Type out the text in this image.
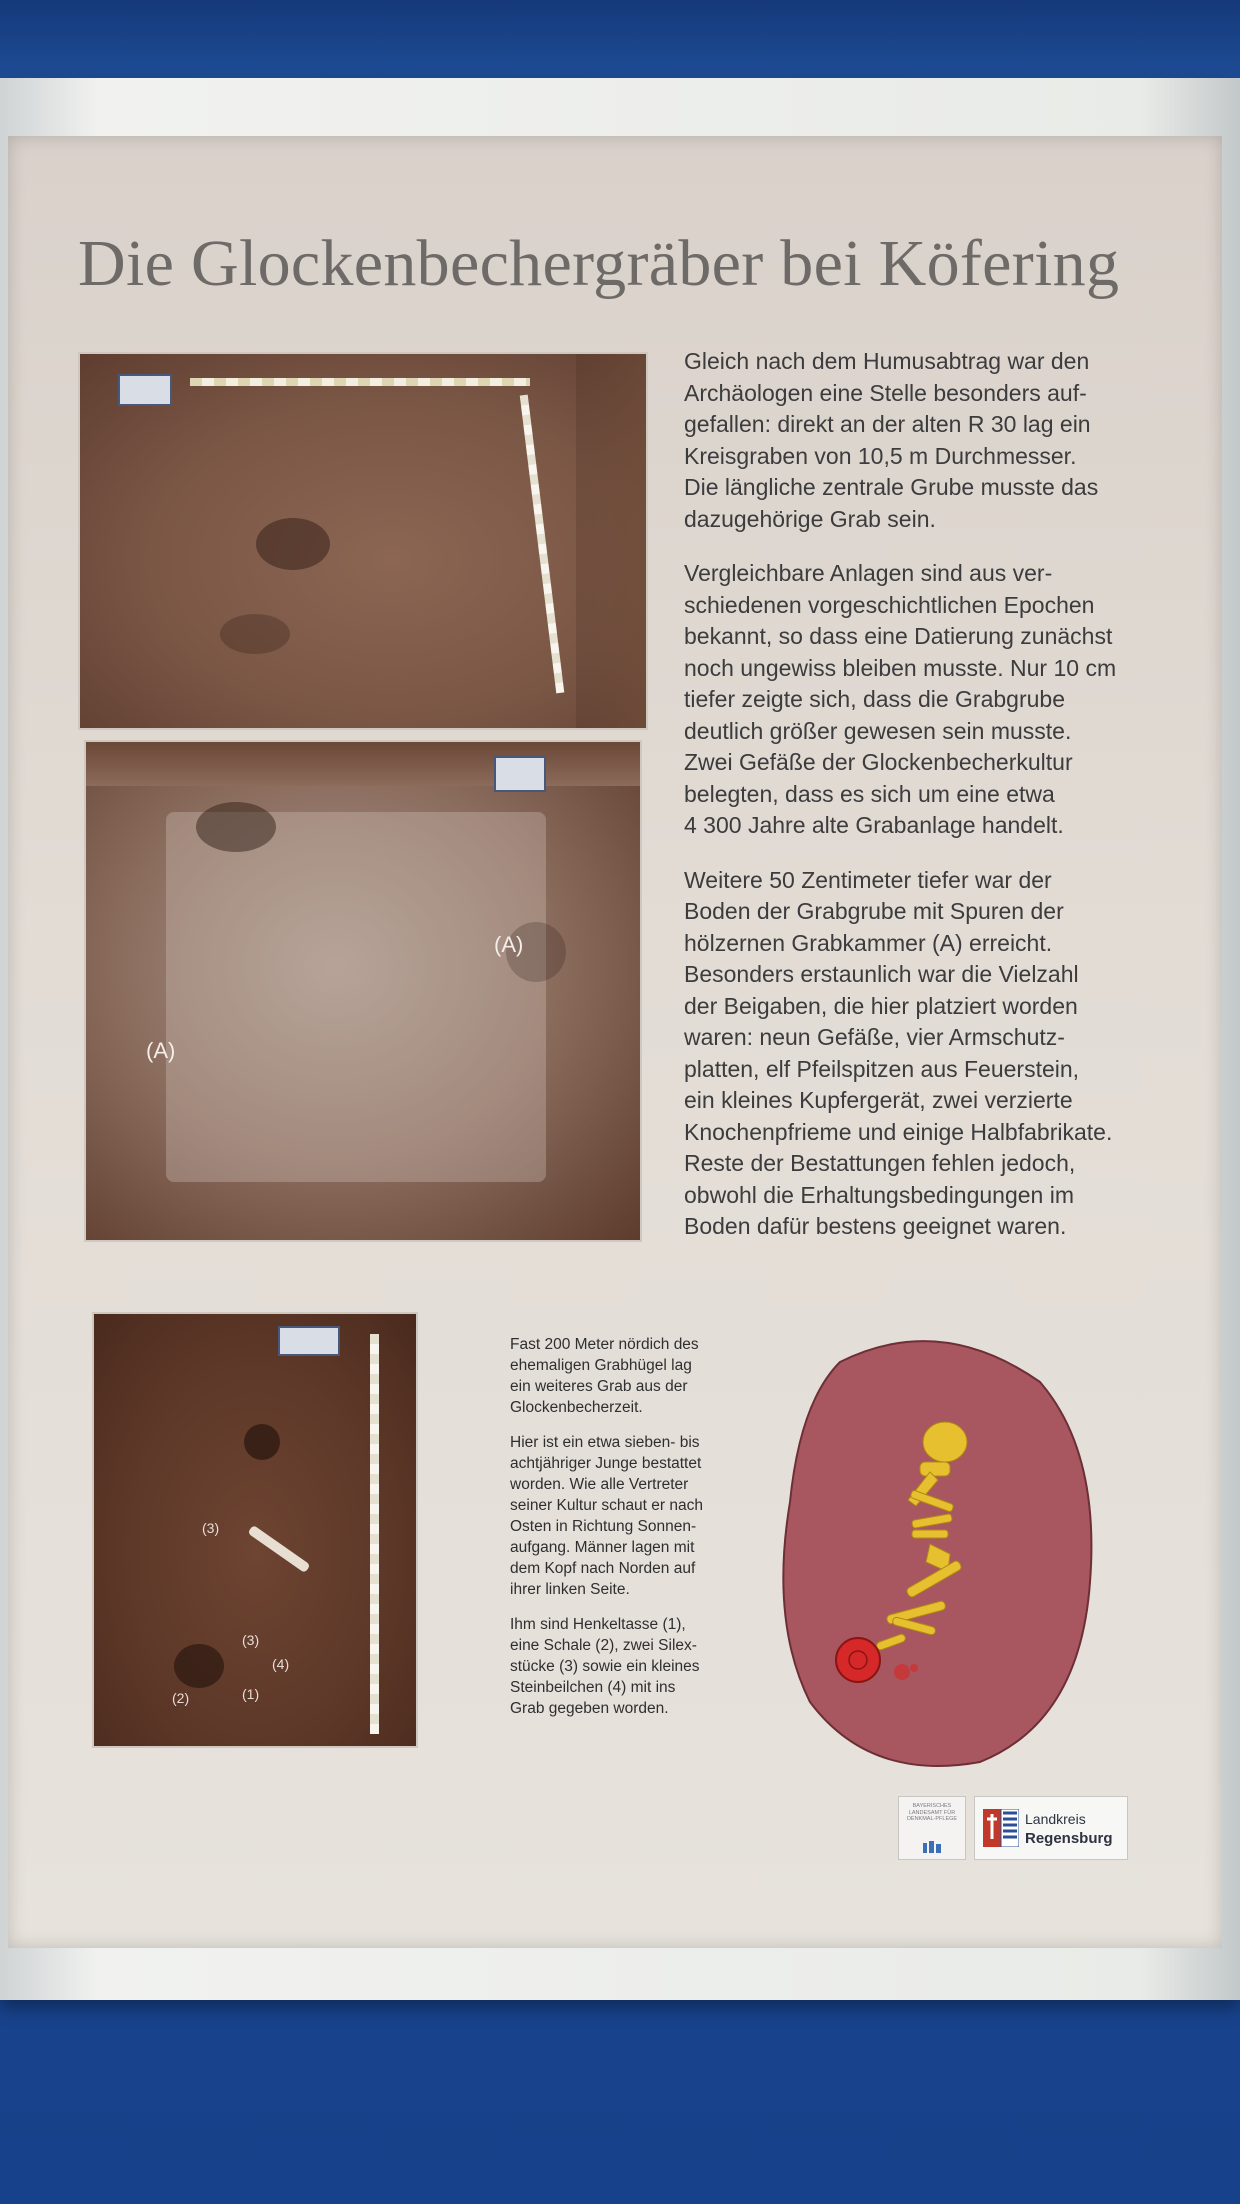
Die Glockenbechergräber bei Köfering
(A)
(A)
(3)
(3)
(4)
(1)
(2)

Gleich nach dem Humusabtrag war den
Archäologen eine Stelle besonders auf-
gefallen: direkt an der alten R 30 lag ein
Kreisgraben von 10,5 m Durchmesser.
Die längliche zentrale Grube musste das
dazugehörige Grab sein.

Vergleichbare Anlagen sind aus ver-
schiedenen vorgeschichtlichen Epochen
bekannt, so dass eine Datierung zunächst
noch ungewiss bleiben musste. Nur 10 cm
tiefer zeigte sich, dass die Grabgrube
deutlich größer gewesen sein musste.
Zwei Gefäße der Glockenbecherkultur
belegten, dass es sich um eine etwa
4 300 Jahre alte Grabanlage handelt.

Weitere 50 Zentimeter tiefer war der
Boden der Grabgrube mit Spuren der
hölzernen Grabkammer (A) erreicht.
Besonders erstaunlich war die Vielzahl
der Beigaben, die hier platziert worden
waren: neun Gefäße, vier Armschutz-
platten, elf Pfeilspitzen aus Feuerstein,
ein kleines Kupfergerät, zwei verzierte
Knochenpfrieme und einige Halbfabrikate.
Reste der Bestattungen fehlen jedoch,
obwohl die Erhaltungsbedingungen im
Boden dafür bestens geeignet waren.

Fast 200 Meter nördich des
ehemaligen Grabhügel lag
ein weiteres Grab aus der
Glockenbecherzeit.

Hier ist ein etwa sieben- bis
achtjähriger Junge bestattet
worden. Wie alle Vertreter
seiner Kultur schaut er nach
Osten in Richtung Sonnen-
aufgang. Männer lagen mit
dem Kopf nach Norden auf
ihrer linken Seite.

Ihm sind Henkeltasse (1),
eine Schale (2), zwei Silex-
stücke (3) sowie ein kleines
Steinbeilchen (4) mit ins
Grab gegeben worden.

BAYERISCHES LANDESAMT FÜR DENKMAL-PFLEGE	Landkreis
Regensburg
